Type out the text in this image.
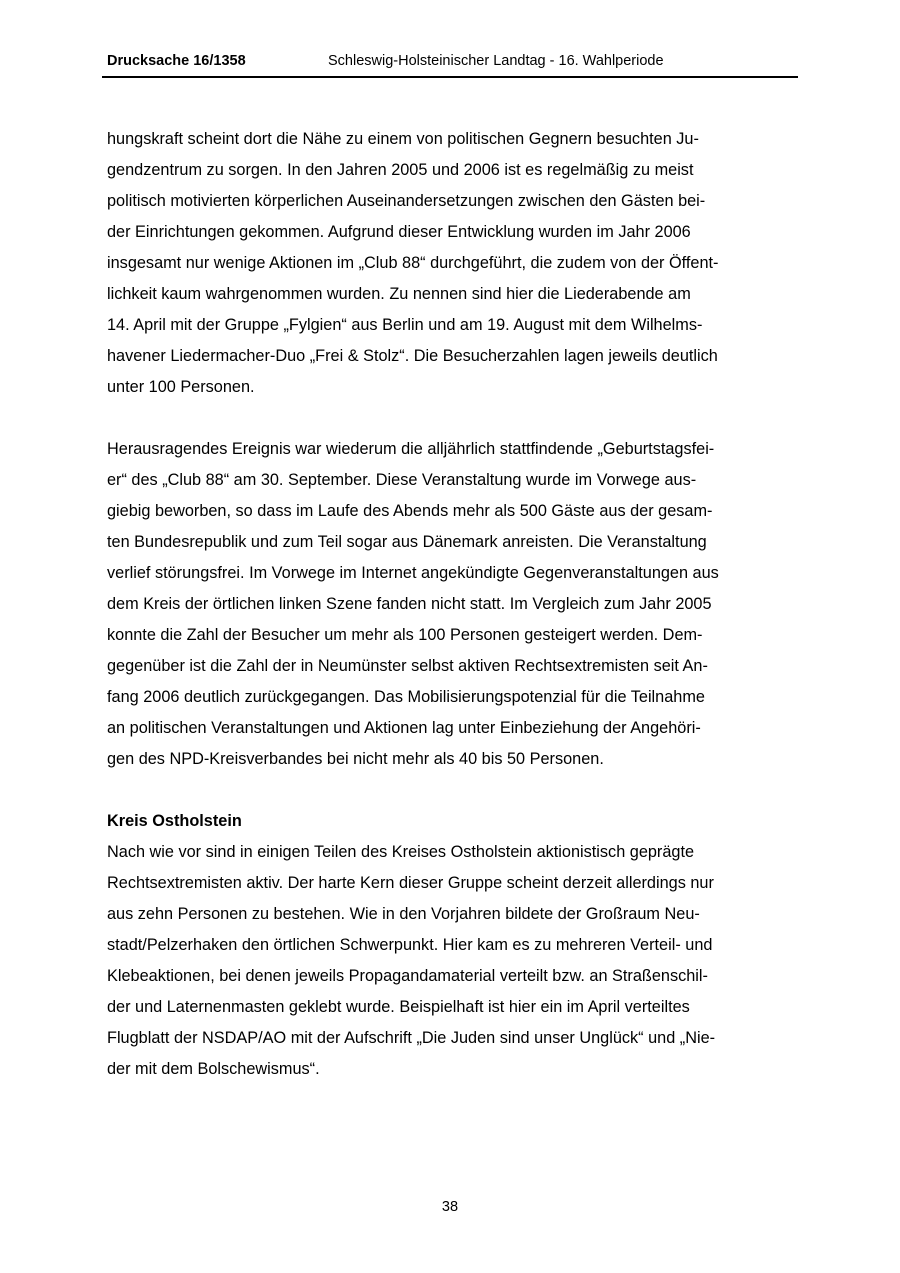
Drucksache 16/1358	Schleswig-Holsteinischer Landtag - 16. Wahlperiode
hungskraft scheint dort die Nähe zu einem von politischen Gegnern besuchten Ju-
gendzentrum zu sorgen. In den Jahren 2005 und 2006 ist es regelmäßig zu meist
politisch motivierten körperlichen Auseinandersetzungen zwischen den Gästen bei-
der Einrichtungen gekommen. Aufgrund dieser Entwicklung wurden im Jahr 2006
insgesamt nur wenige Aktionen im „Club 88“ durchgeführt, die zudem von der Öffent-
lichkeit kaum wahrgenommen wurden. Zu nennen sind hier die Liederabende am
14. April mit der Gruppe „Fylgien“ aus Berlin und am 19. August mit dem Wilhelms-
havener Liedermacher-Duo „Frei & Stolz“. Die Besucherzahlen lagen jeweils deutlich
unter 100 Personen.
Herausragendes Ereignis war wiederum die alljährlich stattfindende „Geburtstagsfei-
er“ des „Club 88“ am 30. September. Diese Veranstaltung wurde im Vorwege aus-
giebig beworben, so dass im Laufe des Abends mehr als 500 Gäste aus der gesam-
ten Bundesrepublik und zum Teil sogar aus Dänemark anreisten. Die Veranstaltung
verlief störungsfrei. Im Vorwege im Internet angekündigte Gegenveranstaltungen aus
dem Kreis der örtlichen linken Szene fanden nicht statt. Im Vergleich zum Jahr 2005
konnte die Zahl der Besucher um mehr als 100 Personen gesteigert werden. Dem-
gegenüber ist die Zahl der in Neumünster selbst aktiven Rechtsextremisten seit An-
fang 2006 deutlich zurückgegangen. Das Mobilisierungspotenzial für die Teilnahme
an politischen Veranstaltungen und Aktionen lag unter Einbeziehung der Angehöri-
gen des NPD-Kreisverbandes bei nicht mehr als 40 bis 50 Personen.
Kreis Ostholstein
Nach wie vor sind in einigen Teilen des Kreises Ostholstein aktionistisch geprägte
Rechtsextremisten aktiv. Der harte Kern dieser Gruppe scheint derzeit allerdings nur
aus zehn Personen zu bestehen. Wie in den Vorjahren bildete der Großraum Neu-
stadt/Pelzerhaken den örtlichen Schwerpunkt. Hier kam es zu mehreren Verteil- und
Klebeaktionen, bei denen jeweils Propagandamaterial verteilt bzw. an Straßenschil-
der und Laternenmasten geklebt wurde. Beispielhaft ist hier ein im April verteiltes
Flugblatt der NSDAP/AO mit der Aufschrift „Die Juden sind unser Unglück“ und „Nie-
der mit dem Bolschewismus“.
38
